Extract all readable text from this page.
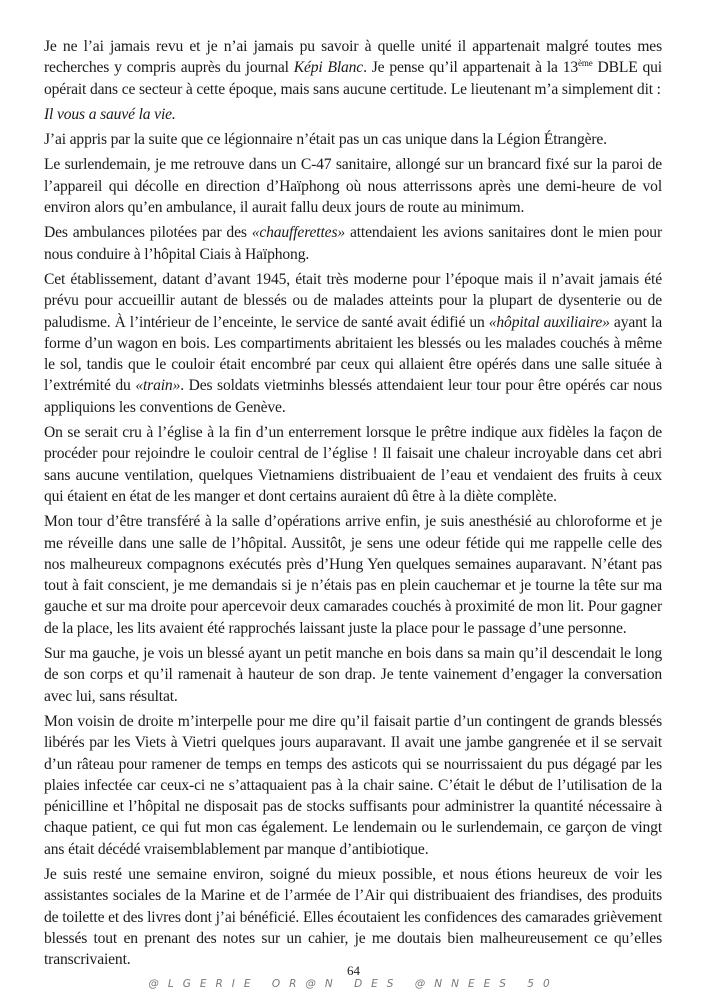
Je ne l’ai jamais revu et je n’ai jamais pu savoir à quelle unité il appartenait malgré toutes mes recherches y compris auprès du journal Képi Blanc. Je pense qu’il appartenait à la 13ème DBLE qui opérait dans ce secteur à cette époque, mais sans aucune certitude. Le lieutenant m’a simplement dit :

Il vous a sauvé la vie.

J’ai appris par la suite que ce légionnaire n’était pas un cas unique dans la Légion Étrangère.

Le surlendemain, je me retrouve dans un C-47 sanitaire, allongé sur un brancard fixé sur la paroi de l’appareil qui décolle en direction d’Haïphong où nous atterrissons après une demi-heure de vol environ alors qu’en ambulance, il aurait fallu deux jours de route au minimum.

Des ambulances pilotées par des «chaufferettes» attendaient les avions sanitaires dont le mien pour nous conduire à l’hôpital Ciais à Haïphong.

Cet établissement, datant d’avant 1945, était très moderne pour l’époque mais il n’avait jamais été prévu pour accueillir autant de blessés ou de malades atteints pour la plupart de dysenterie ou de paludisme. À l’intérieur de l’enceinte, le service de santé avait édifié un «hôpital auxiliaire» ayant la forme d’un wagon en bois. Les compartiments abritaient les blessés ou les malades couchés à même le sol, tandis que le couloir était encombré par ceux qui allaient être opérés dans une salle située à l’extrémité du «train». Des soldats vietminhs blessés attendaient leur tour pour être opérés car nous appliquions les conventions de Genève.

On se serait cru à l’église à la fin d’un enterrement lorsque le prêtre indique aux fidèles la façon de procéder pour rejoindre le couloir central de l’église ! Il faisait une chaleur incroyable dans cet abri sans aucune ventilation, quelques Vietnamiens distribuaient de l’eau et vendaient des fruits à ceux qui étaient en état de les manger et dont certains auraient dû être à la diète complète.

Mon tour d’être transféré à la salle d’opérations arrive enfin, je suis anesthésié au chloroforme et je me réveille dans une salle de l’hôpital. Aussitôt, je sens une odeur fétide qui me rappelle celle des nos malheureux compagnons exécutés près d’Hung Yen quelques semaines auparavant. N’étant pas tout à fait conscient, je me demandais si je n’étais pas en plein cauchemar et je tourne la tête sur ma gauche et sur ma droite pour apercevoir deux camarades couchés à proximité de mon lit. Pour gagner de la place, les lits avaient été rapprochés laissant juste la place pour le passage d’une personne.

Sur ma gauche, je vois un blessé ayant un petit manche en bois dans sa main qu’il descendait le long de son corps et qu’il ramenait à hauteur de son drap. Je tente vainement d’engager la conversation avec lui, sans résultat.

Mon voisin de droite m’interpelle pour me dire qu’il faisait partie d’un contingent de grands blessés libérés par les Viets à Vietri quelques jours auparavant. Il avait une jambe gangrenée et il se servait d’un râteau pour ramener de temps en temps des asticots qui se nourrissaient du pus dégagé par les plaies infectée car ceux-ci ne s’attaquaient pas à la chair saine. C’était le début de l’utilisation de la pénicilline et l’hôpital ne disposait pas de stocks suffisants pour administrer la quantité nécessaire à chaque patient, ce qui fut mon cas également. Le lendemain ou le surlendemain, ce garçon de vingt ans était décédé vraisemblablement par manque d’antibiotique.

Je suis resté une semaine environ, soigné du mieux possible, et nous étions heureux de voir les assistantes sociales de la Marine et de l’armée de l’Air qui distribuaient des friandises, des produits de toilette et des livres dont j’ai bénéficié. Elles écoutaient les confidences des camarades grièvement blessés tout en prenant des notes sur un cahier, je me doutais bien malheureusement ce qu’elles transcrivaient.

64
@LGERIE OR@N DES @NNEES 50
